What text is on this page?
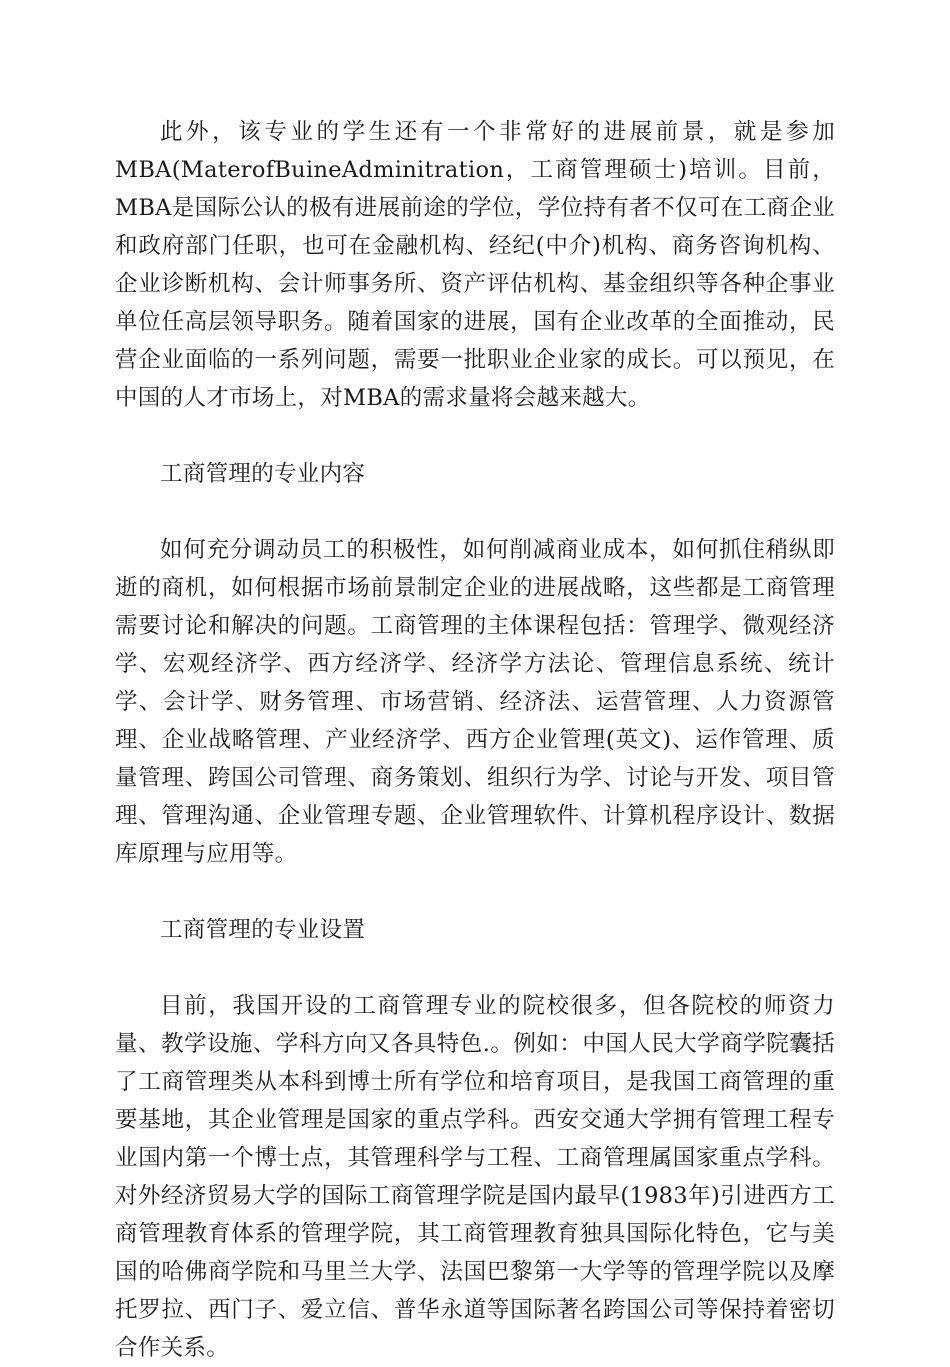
此外，该专业的学生还有一个非常好的进展前景，就是参加MBA(MaterofBuineAdminitration，工商管理硕士)培训。目前，MBA是国际公认的极有进展前途的学位，学位持有者不仅可在工商企业和政府部门任职，也可在金融机构、经纪(中介)机构、商务咨询机构、企业诊断机构、会计师事务所、资产评估机构、基金组织等各种企事业单位任高层领导职务。随着国家的进展，国有企业改革的全面推动，民营企业面临的一系列问题，需要一批职业企业家的成长。可以预见，在中国的人才市场上，对MBA的需求量将会越来越大。

工商管理的专业内容

如何充分调动员工的积极性，如何削减商业成本，如何抓住稍纵即逝的商机，如何根据市场前景制定企业的进展战略，这些都是工商管理需要讨论和解决的问题。工商管理的主体课程包括：管理学、微观经济学、宏观经济学、西方经济学、经济学方法论、管理信息系统、统计学、会计学、财务管理、市场营销、经济法、运营管理、人力资源管理、企业战略管理、产业经济学、西方企业管理(英文)、运作管理、质量管理、跨国公司管理、商务策划、组织行为学、讨论与开发、项目管理、管理沟通、企业管理专题、企业管理软件、计算机程序设计、数据库原理与应用等。

工商管理的专业设置

目前，我国开设的工商管理专业的院校很多，但各院校的师资力量、教学设施、学科方向又各具特色.。例如：中国人民大学商学院囊括了工商管理类从本科到博士所有学位和培育项目，是我国工商管理的重要基地，其企业管理是国家的重点学科。西安交通大学拥有管理工程专业国内第一个博士点，其管理科学与工程、工商管理属国家重点学科。对外经济贸易大学的国际工商管理学院是国内最早(1983年)引进西方工商管理教育体系的管理学院，其工商管理教育独具国际化特色，它与美国的哈佛商学院和马里兰大学、法国巴黎第一大学等的管理学院以及摩托罗拉、西门子、爱立信、普华永道等国际著名跨国公司等保持着密切合作关系。
